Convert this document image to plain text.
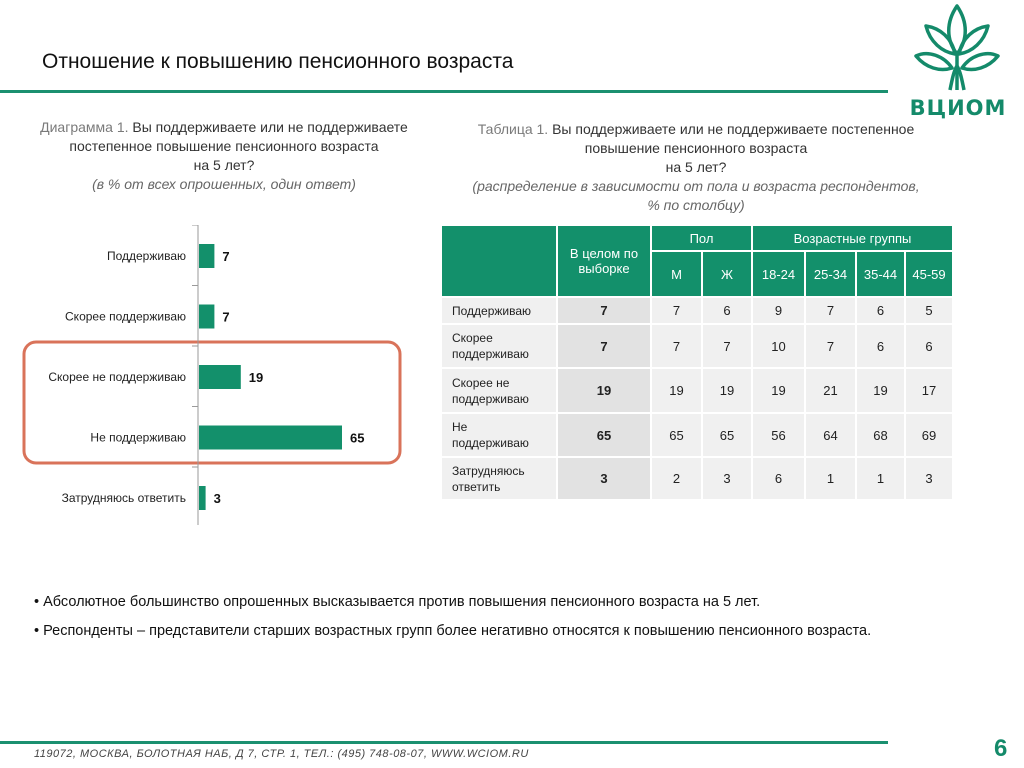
Отношение к повышению пенсионного возраста
ВЦИОМ
Диаграмма 1. Вы поддерживаете или не поддерживаете
постепенное повышение пенсионного возраста
на 5 лет?
(в % от всех опрошенных, один ответ)
Поддерживаю	7
Скорее поддерживаю	7
Скорее не поддерживаю	19
Не поддерживаю	65
Затрудняюсь ответить 3
Таблица 1. Вы поддерживаете или не поддерживаете постепенное
повышение пенсионного возраста
на 5 лет?
(распределение в зависимости от пола и возраста респондентов,
% по столбцу)
	В целом по выборке	Пол		Возрастные группы			
		М	Ж	18-24	25-34	35-44	45-59
Поддерживаю	7	7	6	9	7	6	5
Скорее поддерживаю	7	7	7	10	7	6	6
Скорее не поддерживаю	19	19	19	19	21	19	17
Не поддерживаю	65	65	65	56	64	68	69
Затрудняюсь ответить	3	2	3	6	1	1	3
• Абсолютное большинство опрошенных высказывается против повышения пенсионного возраста на 5 лет.
• Респонденты – представители старших возрастных групп более негативно относятся к повышению пенсионного возраста.
119072, МОСКВА, БОЛОТНАЯ НАБ, Д 7, СТР. 1, ТЕЛ.: (495) 748-08-07, WWW.WCIOM.RU	6
